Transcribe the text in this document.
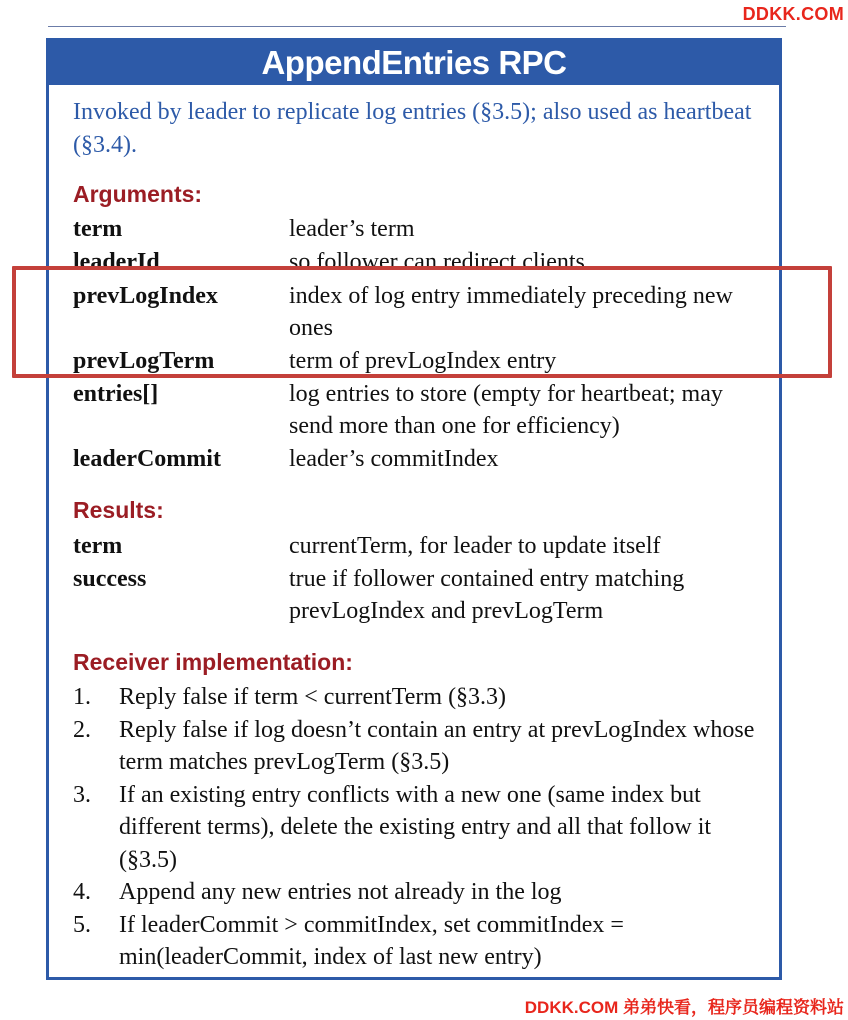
DDKK.COM
AppendEntries RPC
Invoked by leader to replicate log entries (§3.5); also used as heartbeat (§3.4).
Arguments:
term	leader’s term
leaderId	so follower can redirect clients
prevLogIndex	index of log entry immediately preceding new ones
prevLogTerm	term of prevLogIndex entry
entries[]	log entries to store (empty for heartbeat; may send more than one for efficiency)
leaderCommit	leader’s commitIndex
Results:
term	currentTerm, for leader to update itself
success	true if follower contained entry matching prevLogIndex and prevLogTerm
Receiver implementation:
1. Reply false if term < currentTerm (§3.3)
2. Reply false if log doesn’t contain an entry at prevLogIndex whose term matches prevLogTerm (§3.5)
3. If an existing entry conflicts with a new one (same index but different terms), delete the existing entry and all that follow it (§3.5)
4. Append any new entries not already in the log
5. If leaderCommit > commitIndex, set commitIndex = min(leaderCommit, index of last new entry)
DDKK.COM 弟弟快看，程序员编程资料站
